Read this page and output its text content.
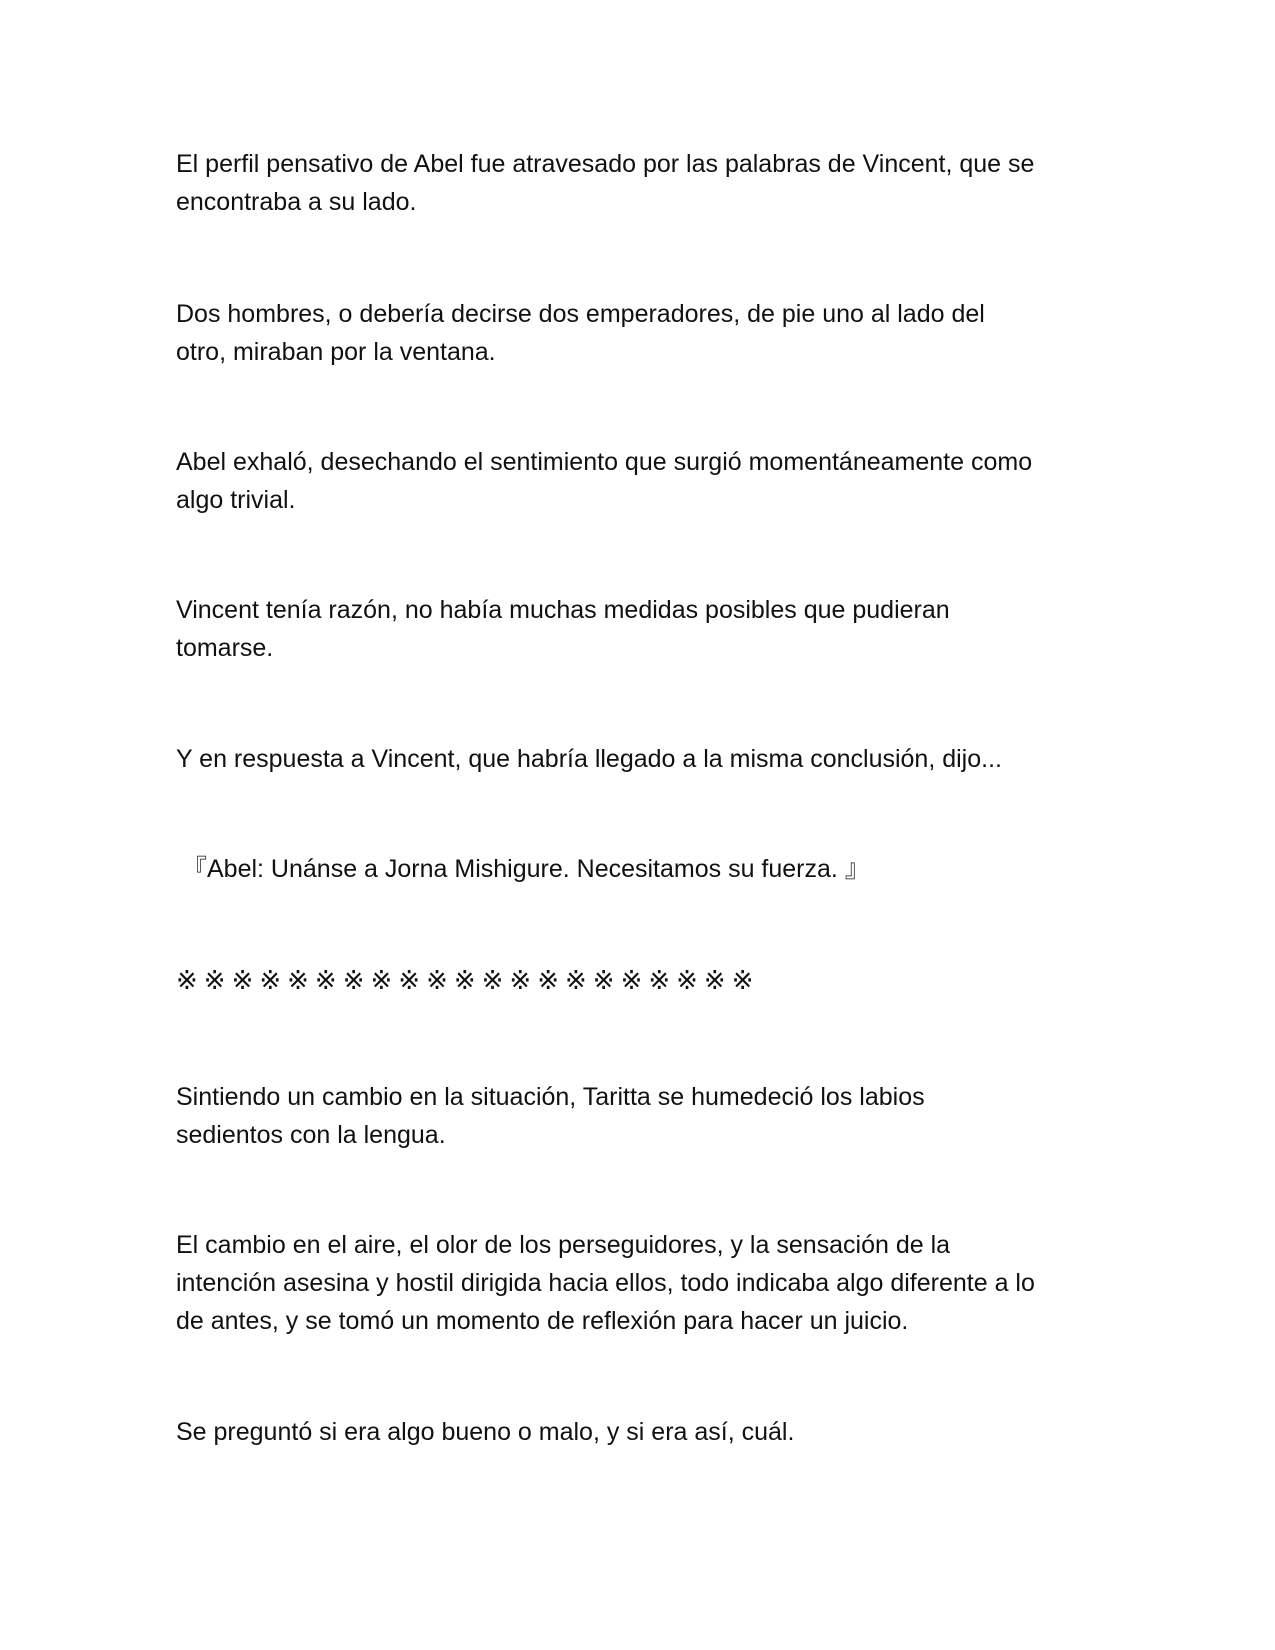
El perfil pensativo de Abel fue atravesado por las palabras de Vincent, que se
encontraba a su lado.

Dos hombres, o debería decirse dos emperadores, de pie uno al lado del
otro, miraban por la ventana.

Abel exhaló, desechando el sentimiento que surgió momentáneamente como
algo trivial.

Vincent tenía razón, no había muchas medidas posibles que pudieran
tomarse.

Y en respuesta a Vincent, que habría llegado a la misma conclusión, dijo...

『Abel: Unánse a Jorna Mishigure. Necesitamos su fuerza. 』

※※※※※※※※※※※※※※※※※※※※※

Sintiendo un cambio en la situación, Taritta se humedeció los labios
sedientos con la lengua.

El cambio en el aire, el olor de los perseguidores, y la sensación de la
intención asesina y hostil dirigida hacia ellos, todo indicaba algo diferente a lo
de antes, y se tomó un momento de reflexión para hacer un juicio.

Se preguntó si era algo bueno o malo, y si era así, cuál.
